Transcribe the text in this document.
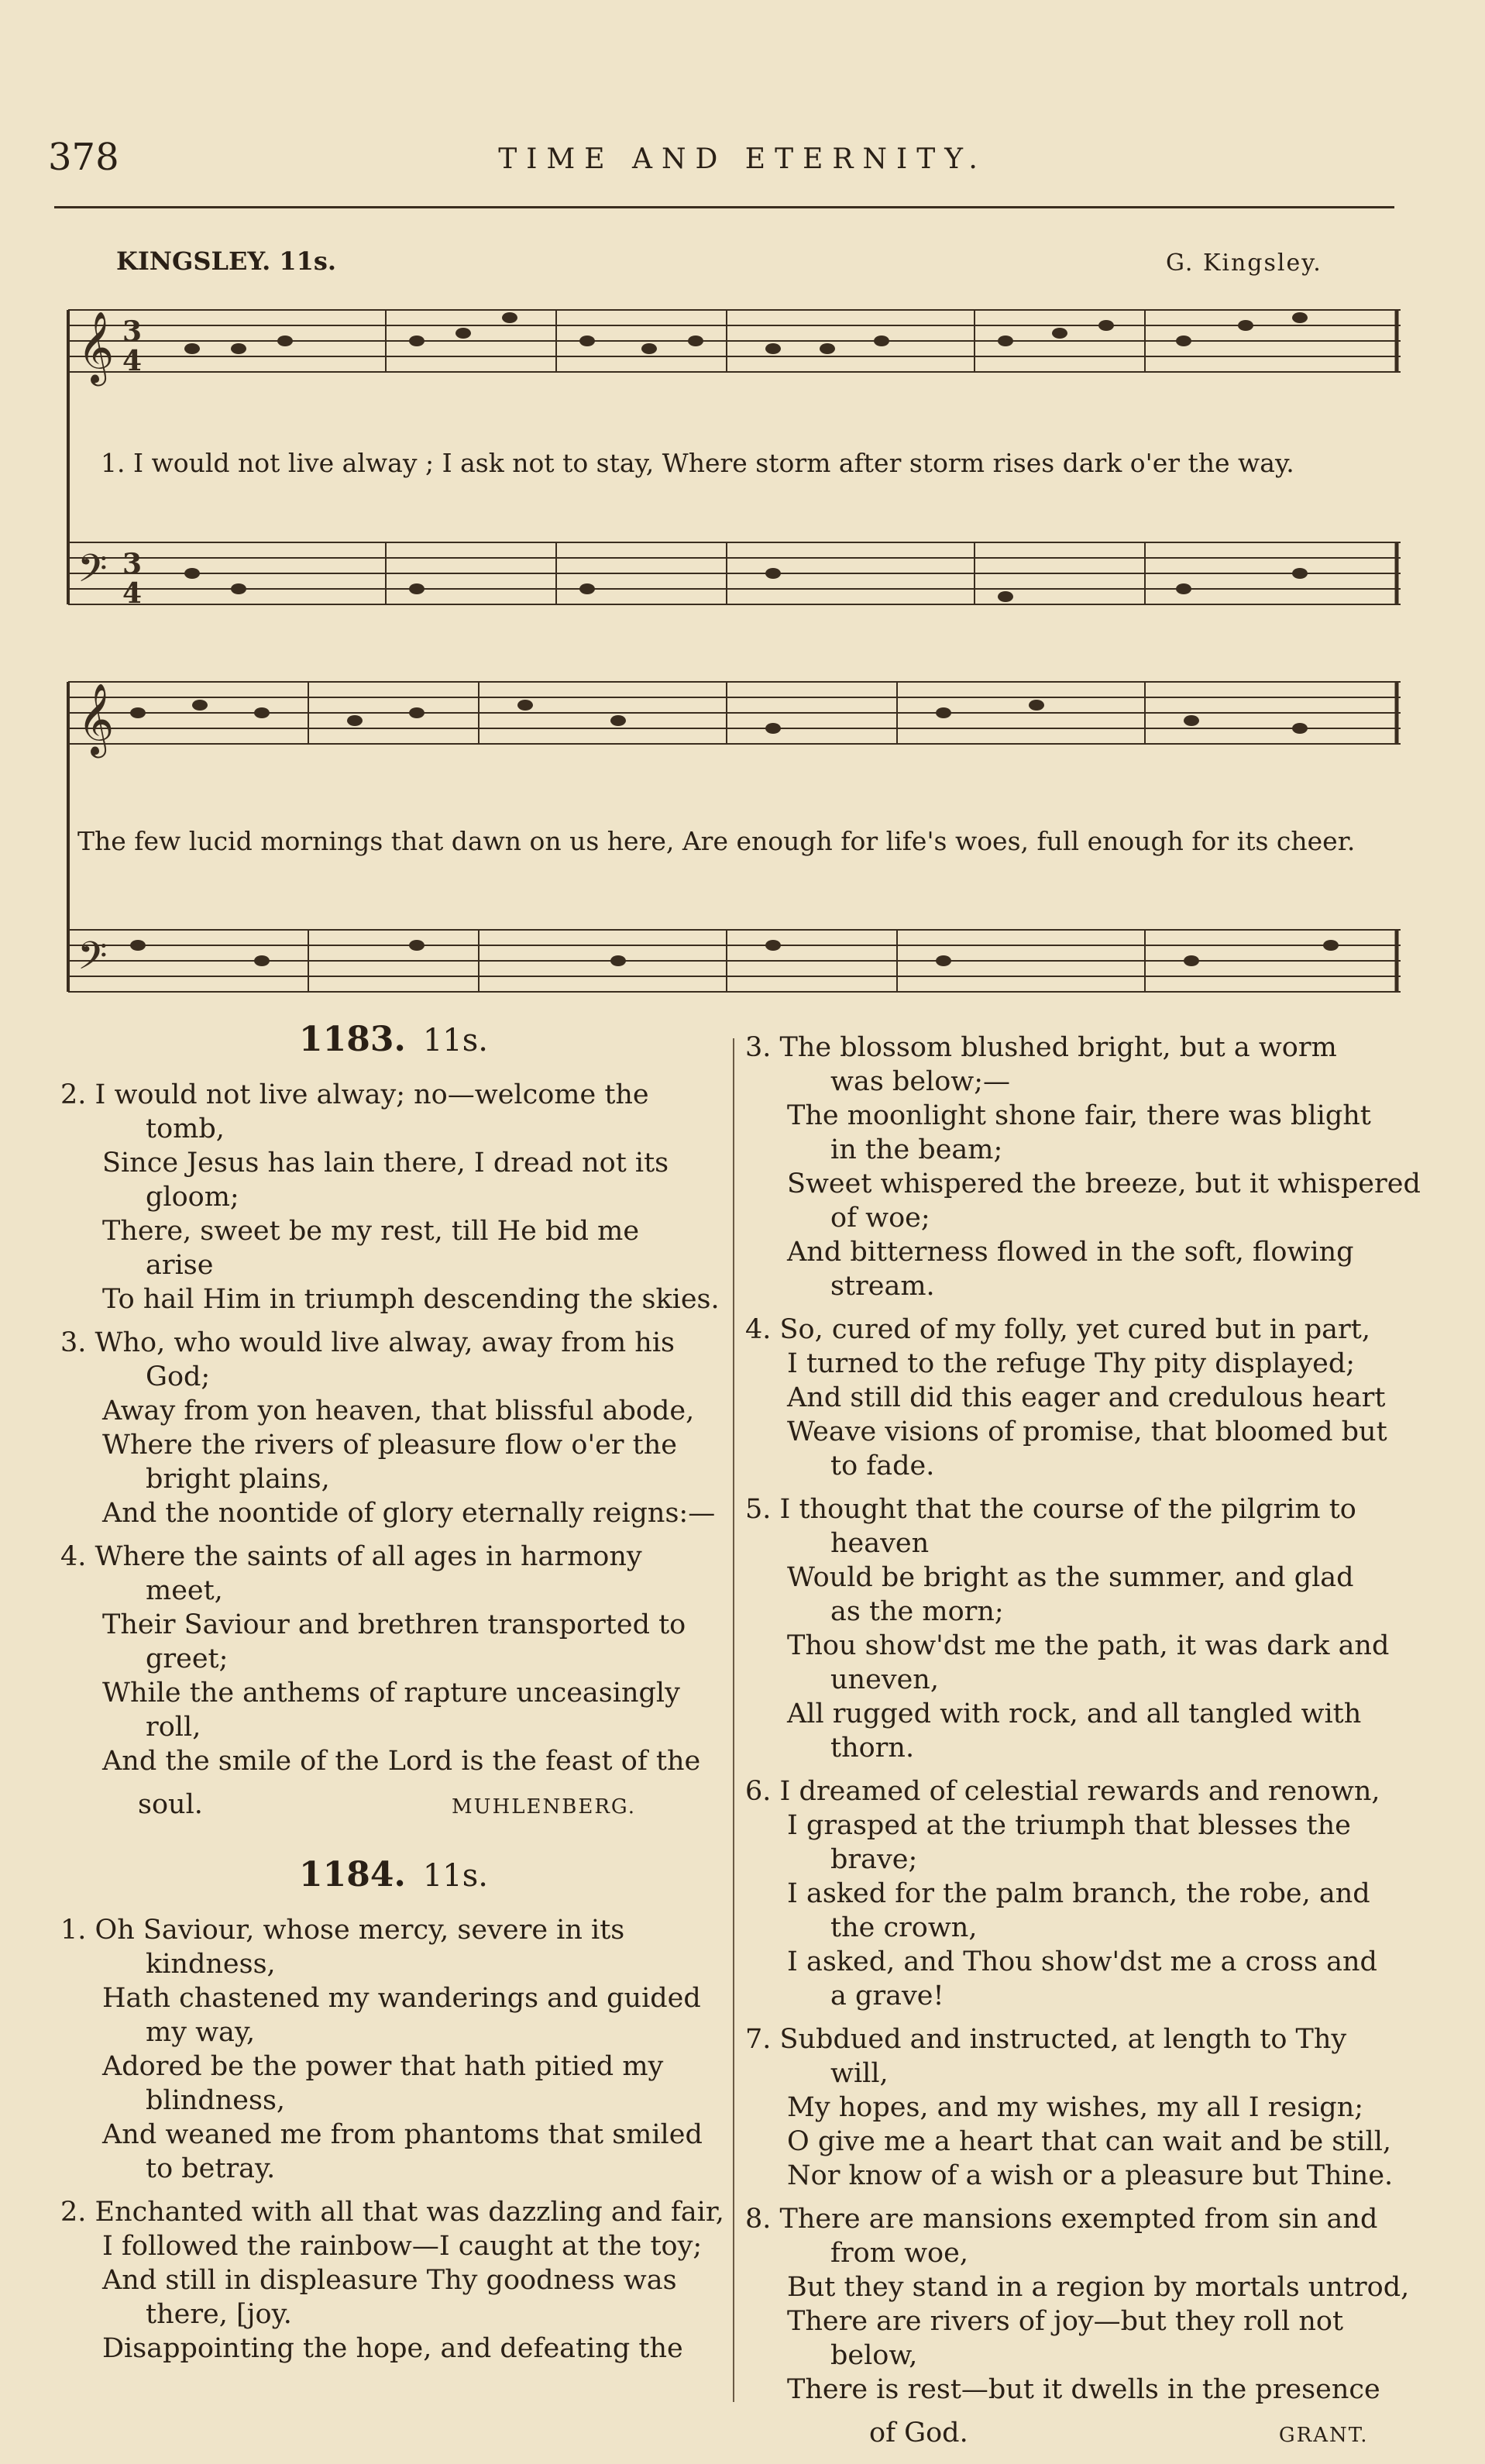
378	TIME AND ETERNITY.
KINGSLEY. 11s.	G. Kingsley.
𝄞 3
4
𝄢 3
4
𝄞
𝄢
1. I would not live alway ; I ask not to stay, Where storm after storm rises dark o'er the way.
The few lucid mornings that dawn on us here, Are enough for life's woes, full enough for its cheer.
1183. 11s.
2. I would not live alway; no—welcome the
tomb,
Since Jesus has lain there, I dread not its
gloom;
There, sweet be my rest, till He bid me
arise
To hail Him in triumph descending the skies.
3. Who, who would live alway, away from his
God;
Away from yon heaven, that blissful abode,
Where the rivers of pleasure flow o'er the
bright plains,
And the noontide of glory eternally reigns:—
4. Where the saints of all ages in harmony
meet,
Their Saviour and brethren transported to
greet;
While the anthems of rapture unceasingly
roll,
And the smile of the Lord is the feast of the
soul.	MUHLENBERG.
1184. 11s.
1. Oh Saviour, whose mercy, severe in its
kindness,
Hath chastened my wanderings and guided
my way,
Adored be the power that hath pitied my
blindness,
And weaned me from phantoms that smiled
to betray.
2. Enchanted with all that was dazzling and fair,
I followed the rainbow—I caught at the toy;
And still in displeasure Thy goodness was
there, [joy.
Disappointing the hope, and defeating the
3. The blossom blushed bright, but a worm
was below;—
The moonlight shone fair, there was blight
in the beam;
Sweet whispered the breeze, but it whispered
of woe;
And bitterness flowed in the soft, flowing
stream.
4. So, cured of my folly, yet cured but in part,
I turned to the refuge Thy pity displayed;
And still did this eager and credulous heart
Weave visions of promise, that bloomed but
to fade.
5. I thought that the course of the pilgrim to
heaven
Would be bright as the summer, and glad
as the morn;
Thou show'dst me the path, it was dark and
uneven,
All rugged with rock, and all tangled with
thorn.
6. I dreamed of celestial rewards and renown,
I grasped at the triumph that blesses the
brave;
I asked for the palm branch, the robe, and
the crown,
I asked, and Thou show'dst me a cross and
a grave!
7. Subdued and instructed, at length to Thy
will,
My hopes, and my wishes, my all I resign;
O give me a heart that can wait and be still,
Nor know of a wish or a pleasure but Thine.
8. There are mansions exempted from sin and
from woe,
But they stand in a region by mortals untrod,
There are rivers of joy—but they roll not
below,
There is rest—but it dwells in the presence
of God.	GRANT.
